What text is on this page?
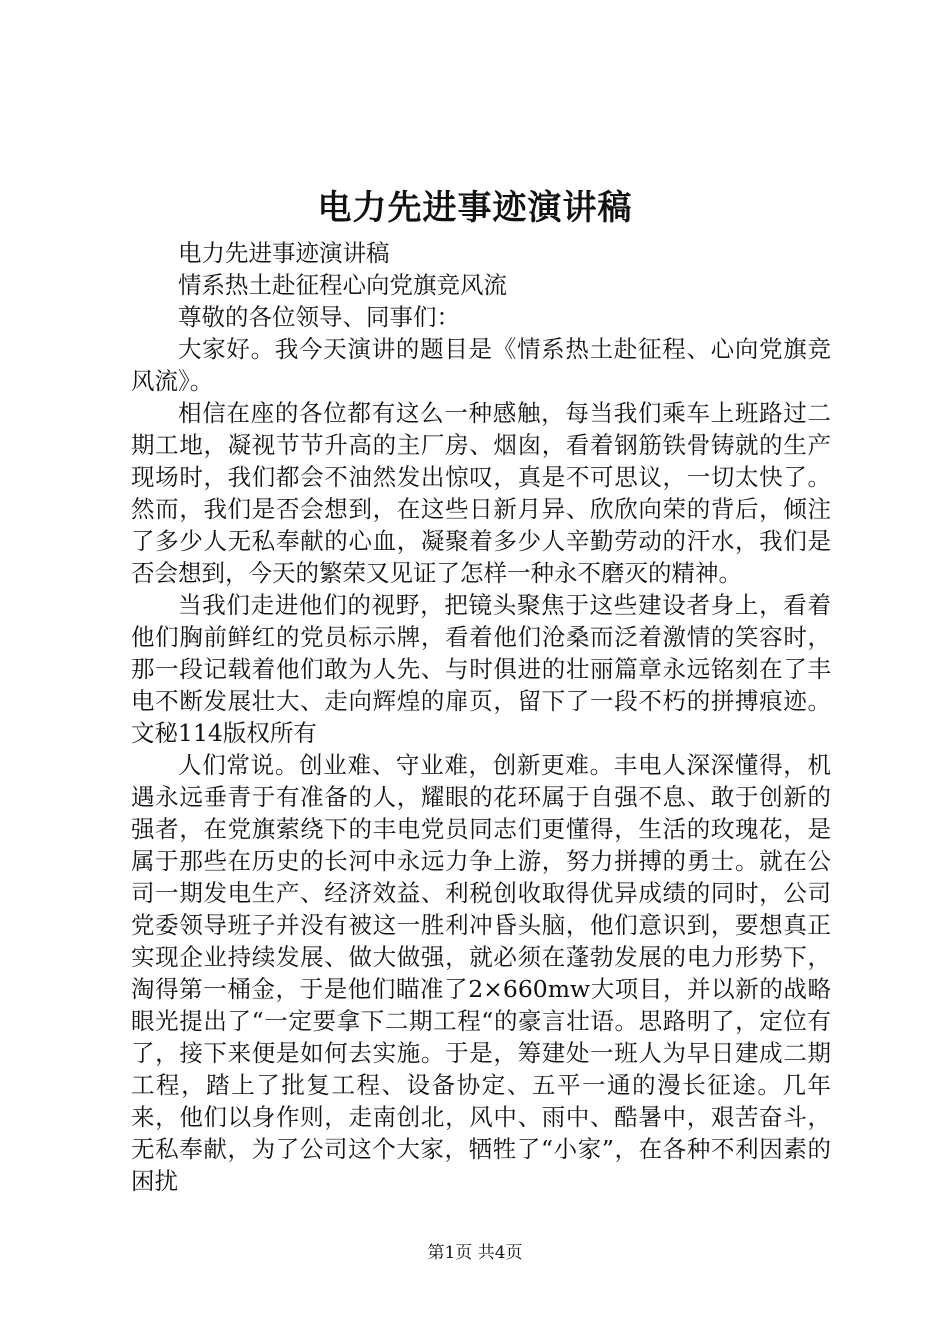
电力先进事迹演讲稿

电力先进事迹演讲稿

情系热土赴征程心向党旗竞风流

尊敬的各位领导、同事们：

大家好。我今天演讲的题目是《情系热土赴征程、心向党旗竞风流》。

相信在座的各位都有这么一种感触，每当我们乘车上班路过二期工地，凝视节节升高的主厂房、烟囱，看着钢筋铁骨铸就的生产现场时，我们都会不油然发出惊叹，真是不可思议，一切太快了。然而，我们是否会想到，在这些日新月异、欣欣向荣的背后，倾注了多少人无私奉献的心血，凝聚着多少人辛勤劳动的汗水，我们是否会想到，今天的繁荣又见证了怎样一种永不磨灭的精神。

当我们走进他们的视野，把镜头聚焦于这些建设者身上，看着他们胸前鲜红的党员标示牌，看着他们沧桑而泛着激情的笑容时，那一段记载着他们敢为人先、与时俱进的壮丽篇章永远铭刻在了丰电不断发展壮大、走向辉煌的扉页，留下了一段不朽的拼搏痕迹。文秘114版权所有

人们常说。创业难、守业难，创新更难。丰电人深深懂得，机遇永远垂青于有准备的人，耀眼的花环属于自强不息、敢于创新的强者，在党旗萦绕下的丰电党员同志们更懂得，生活的玫瑰花，是属于那些在历史的长河中永远力争上游，努力拼搏的勇士。就在公司一期发电生产、经济效益、利税创收取得优异成绩的同时，公司党委领导班子并没有被这一胜利冲昏头脑，他们意识到，要想真正实现企业持续发展、做大做强，就必须在蓬勃发展的电力形势下，淘得第一桶金，于是他们瞄准了2×660mw大项目，并以新的战略眼光提出了“一定要拿下二期工程“的豪言壮语。思路明了，定位有了，接下来便是如何去实施。于是，筹建处一班人为早日建成二期工程，踏上了批复工程、设备协定、五平一通的漫长征途。几年来，他们以身作则，走南创北，风中、雨中、酷暑中，艰苦奋斗，无私奉献，为了公司这个大家，牺牲了“小家”，在各种不利因素的困扰

第1页 共4页
